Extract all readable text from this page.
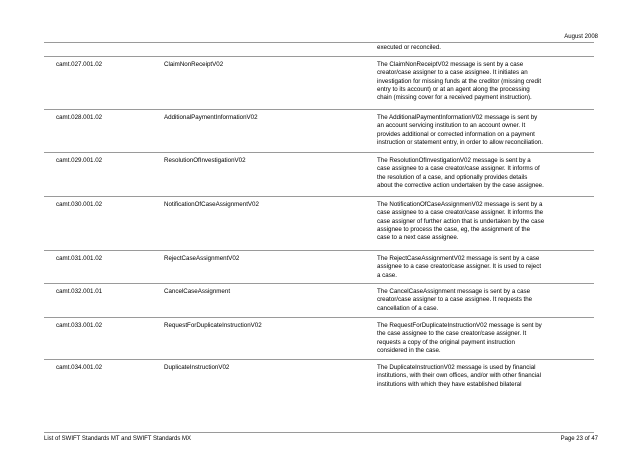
August 2008
executed or reconciled.
camt.027.001.02	ClaimNonReceiptV02	The ClaimNonReceiptV02 message is sent by a case
creator/case assigner to a case assignee. It initiates an
investigation for missing funds at the creditor (missing credit
entry to its account) or at an agent along the processing
chain (missing cover for a received payment instruction).
camt.028.001.02	AdditionalPaymentInformationV02	The AdditionalPaymentInformationV02 message is sent by
an account servicing institution to an account owner. It
provides additional or corrected information on a payment
instruction or statement entry, in order to allow reconciliation.
camt.029.001.02	ResolutionOfInvestigationV02	The ResolutionOfInvestigationV02 message is sent by a
case assignee to a case creator/case assigner. It informs of
the resolution of a case, and optionally provides details
about the corrective action undertaken by the case assignee.
camt.030.001.02	NotificationOfCaseAssignmentV02	The NotificationOfCaseAssignmenV02 message is sent by a
case assignee to a case creator/case assigner. It informs the
case assigner of further action that is undertaken by the case
assignee to process the case, eg, the assignment of the
case to a next case assignee.
camt.031.001.02	RejectCaseAssignmentV02	The RejectCaseAssignmentV02 message is sent by a case
assignee to a case creator/case assigner. It is used to reject
a case.
camt.032.001.01	CancelCaseAssignment	The CancelCaseAssignment message is sent by a case
creator/case assigner to a case assignee. It requests the
cancellation of a case.
camt.033.001.02	RequestForDuplicateInstructionV02	The RequestForDuplicateInstructionV02 message is sent by
the case assignee to the case creator/case assigner. It
requests a copy of the original payment instruction
considered in the case.
camt.034.001.02	DuplicateInstructionV02	The DuplicateInstructionV02 message is used by financial
institutions, with their own offices, and/or with other financial
institutions with which they have established bilateral
List of SWIFT Standards MT and SWIFT Standards MX	Page 23 of 47
